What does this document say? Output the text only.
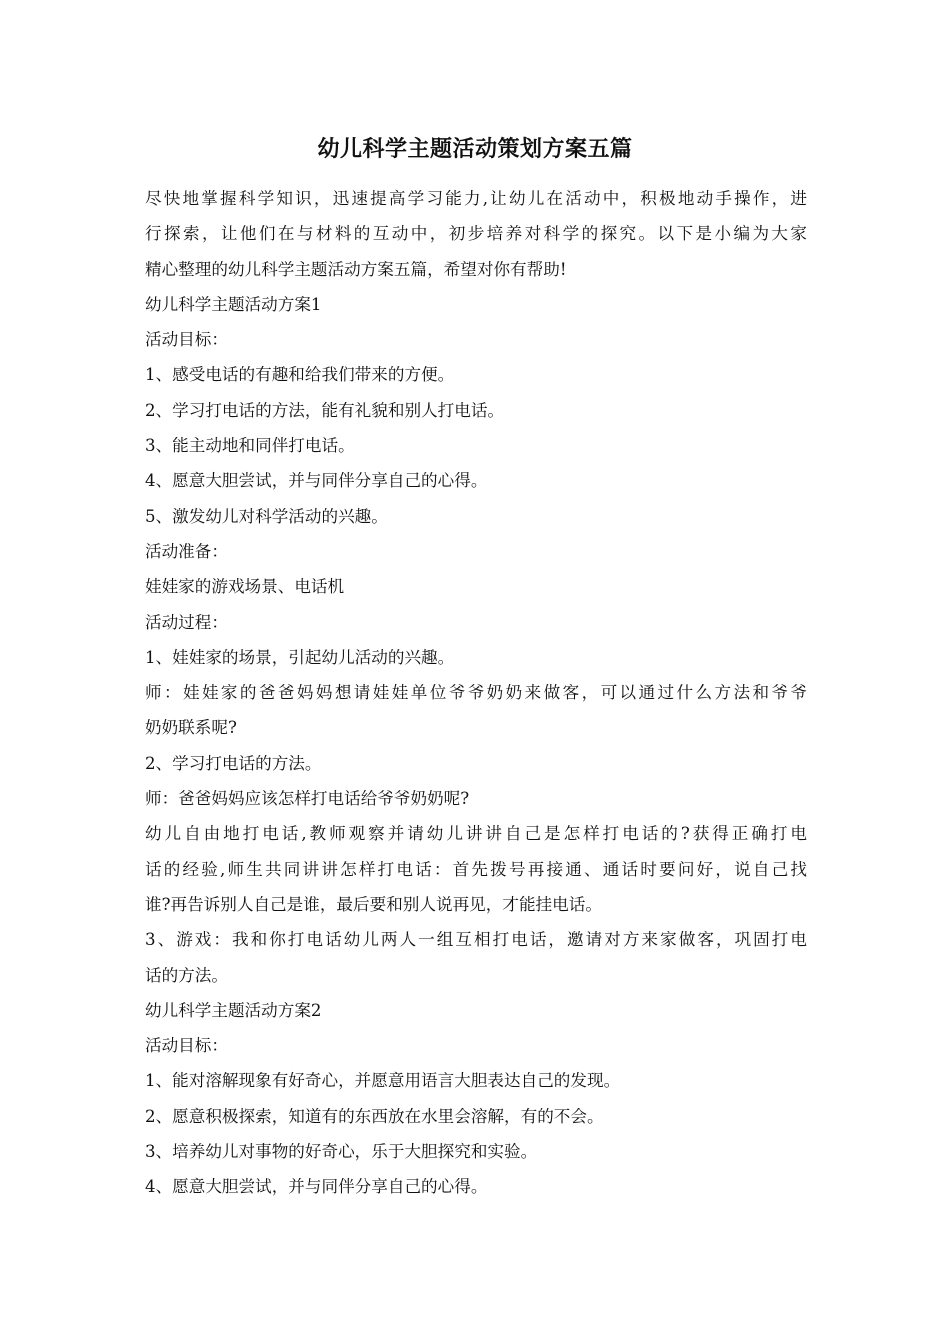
幼儿科学主题活动策划方案五篇
尽快地掌握科学知识，迅速提高学习能力,让幼儿在活动中，积极地动手操作，进
行探索，让他们在与材料的互动中，初步培养对科学的探究。以下是小编为大家
精心整理的幼儿科学主题活动方案五篇，希望对你有帮助!
幼儿科学主题活动方案1
活动目标：
1、感受电话的有趣和给我们带来的方便。
2、学习打电话的方法，能有礼貌和别人打电话。
3、能主动地和同伴打电话。
4、愿意大胆尝试，并与同伴分享自己的心得。
5、激发幼儿对科学活动的兴趣。
活动准备：
娃娃家的游戏场景、电话机
活动过程：
1、娃娃家的场景，引起幼儿活动的兴趣。
师：娃娃家的爸爸妈妈想请娃娃单位爷爷奶奶来做客，可以通过什么方法和爷爷
奶奶联系呢?
2、学习打电话的方法。
师：爸爸妈妈应该怎样打电话给爷爷奶奶呢?
幼儿自由地打电话,教师观察并请幼儿讲讲自己是怎样打电话的?获得正确打电
话的经验,师生共同讲讲怎样打电话：首先拨号再接通、通话时要问好，说自己找
谁?再告诉别人自己是谁，最后要和别人说再见，才能挂电话。
3、游戏：我和你打电话幼儿两人一组互相打电话，邀请对方来家做客，巩固打电
话的方法。
幼儿科学主题活动方案2
活动目标：
1、能对溶解现象有好奇心，并愿意用语言大胆表达自己的发现。
2、愿意积极探索，知道有的东西放在水里会溶解，有的不会。
3、培养幼儿对事物的好奇心，乐于大胆探究和实验。
4、愿意大胆尝试，并与同伴分享自己的心得。
